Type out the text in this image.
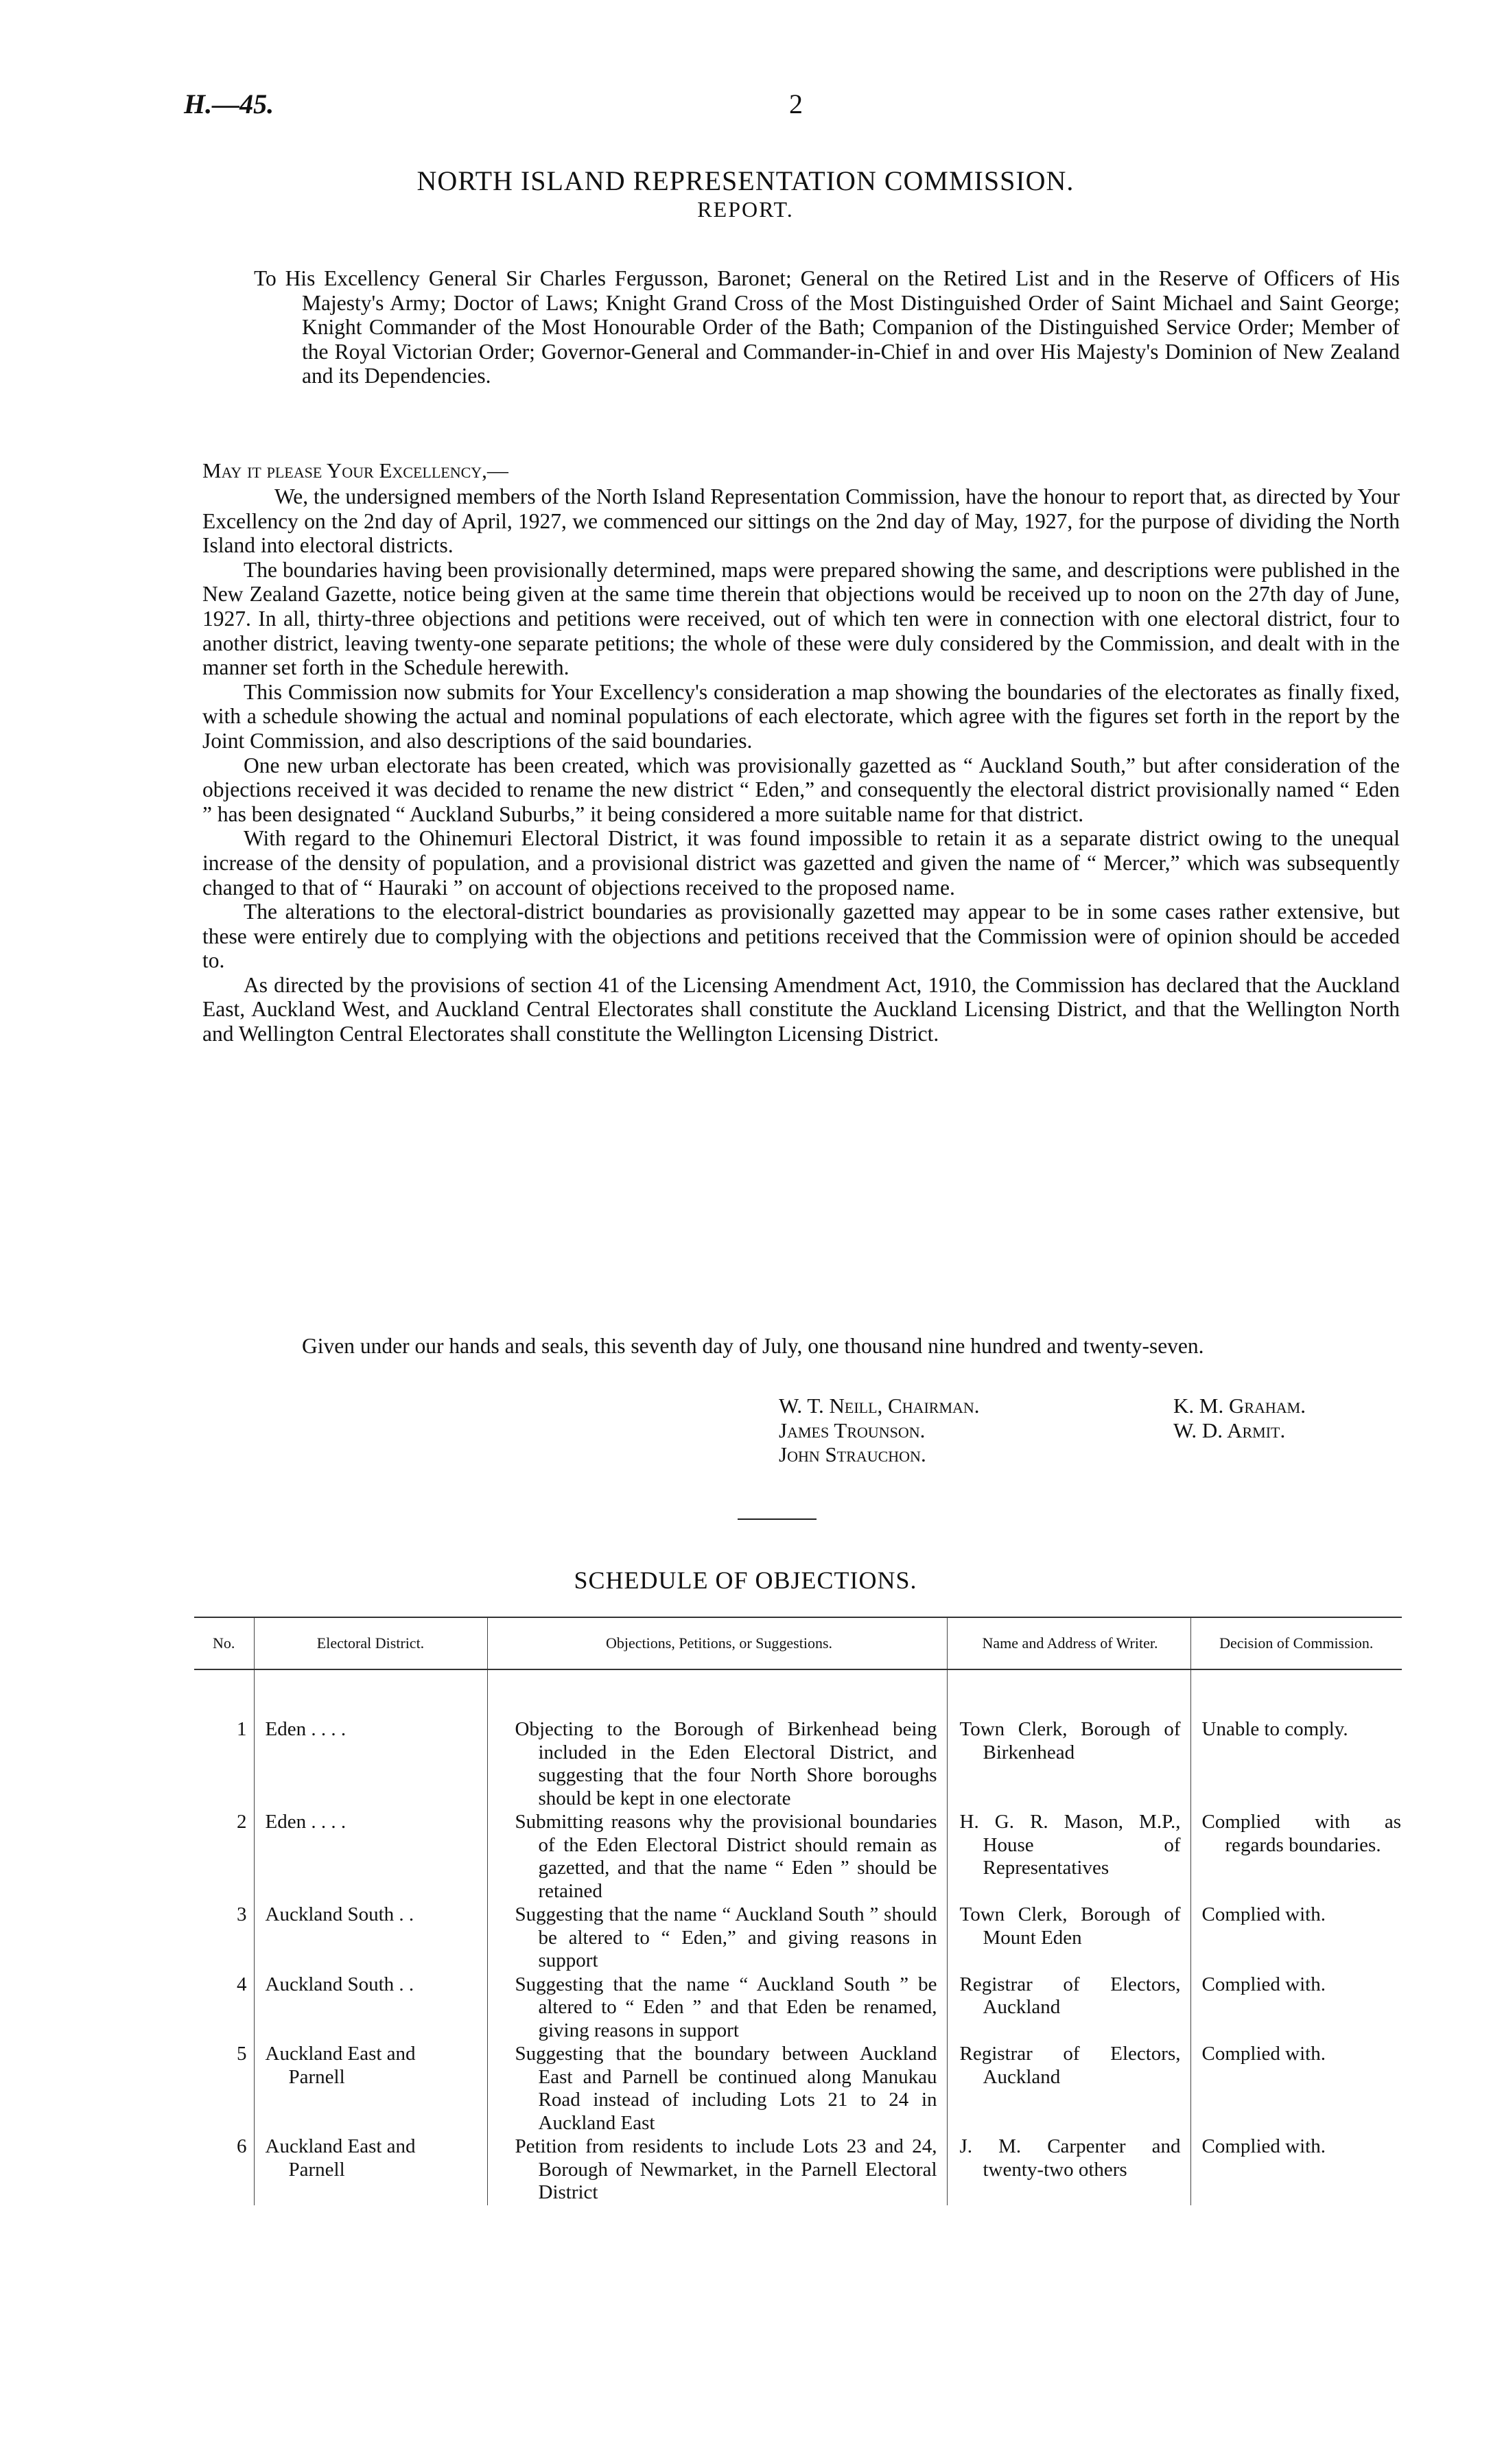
H.—45.	2
NORTH ISLAND REPRESENTATION COMMISSION.
REPORT.
To His Excellency General Sir Charles Fergusson, Baronet; General on the Retired List and in the Reserve of Officers of His Majesty's Army; Doctor of Laws; Knight Grand Cross of the Most Distinguished Order of Saint Michael and Saint George; Knight Commander of the Most Honourable Order of the Bath; Companion of the Distinguished Service Order; Member of the Royal Victorian Order; Governor-General and Commander-in-Chief in and over His Majesty's Dominion of New Zealand and its Dependencies.
May it please Your Excellency,—

We, the undersigned members of the North Island Representation Commission, have the honour to report that, as directed by Your Excellency on the 2nd day of April, 1927, we commenced our sittings on the 2nd day of May, 1927, for the purpose of dividing the North Island into electoral districts.

The boundaries having been provisionally determined, maps were prepared showing the same, and descriptions were published in the New Zealand Gazette, notice being given at the same time therein that objections would be received up to noon on the 27th day of June, 1927. In all, thirty-three objections and petitions were received, out of which ten were in connection with one electoral district, four to another district, leaving twenty-one separate petitions; the whole of these were duly considered by the Commission, and dealt with in the manner set forth in the Schedule herewith.

This Commission now submits for Your Excellency's consideration a map showing the boundaries of the electorates as finally fixed, with a schedule showing the actual and nominal populations of each electorate, which agree with the figures set forth in the report by the Joint Commission, and also descriptions of the said boundaries.

One new urban electorate has been created, which was provisionally gazetted as “ Auckland South,” but after consideration of the objections received it was decided to rename the new district “ Eden,” and consequently the electoral district provisionally named “ Eden ” has been designated “ Auckland Suburbs,” it being considered a more suitable name for that district.

With regard to the Ohinemuri Electoral District, it was found impossible to retain it as a separate district owing to the unequal increase of the density of population, and a provisional district was gazetted and given the name of “ Mercer,” which was subsequently changed to that of “ Hauraki ” on account of objections received to the proposed name.

The alterations to the electoral-district boundaries as provisionally gazetted may appear to be in some cases rather extensive, but these were entirely due to complying with the objections and petitions received that the Commission were of opinion should be acceded to.

As directed by the provisions of section 41 of the Licensing Amendment Act, 1910, the Commission has declared that the Auckland East, Auckland West, and Auckland Central Electorates shall constitute the Auckland Licensing District, and that the Wellington North and Wellington Central Electorates shall constitute the Wellington Licensing District.

Given under our hands and seals, this seventh day of July, one thousand nine hundred and twenty-seven.
W. T. Neill, Chairman.
James Trounson.
John Strauchon.
K. M. Graham.
W. D. Armit.
SCHEDULE OF OBJECTIONS.
No.	Electoral District.	Objections, Petitions, or Suggestions.	Name and Address of Writer.	Decision of Commission.

1	Eden . . . .	Objecting to the Borough of Birkenhead being included in the Eden Electoral District, and suggesting that the four North Shore boroughs should be kept in one electorate	Town Clerk, Borough of Birkenhead	Unable to comply.

2	Eden . . . .	Submitting reasons why the provisional boundaries of the Eden Electoral District should remain as gazetted, and that the name “ Eden ” should be retained	H. G. R. Mason, M.P., House of Representatives	Complied with as regards boundaries.

3	Auckland South . .	Suggesting that the name “ Auckland South ” should be altered to “ Eden,” and giving reasons in support	Town Clerk, Borough of Mount Eden	Complied with.

4	Auckland South . .	Suggesting that the name “ Auckland South ” be altered to “ Eden ” and that Eden be renamed, giving reasons in support	Registrar of Electors, Auckland	Complied with.

5	Auckland East and Parnell	Suggesting that the boundary between Auckland East and Parnell be continued along Manukau Road instead of including Lots 21 to 24 in Auckland East	Registrar of Electors, Auckland	Complied with.

6	Auckland East and Parnell	Petition from residents to include Lots 23 and 24, Borough of Newmarket, in the Parnell Electoral District	J. M. Carpenter and twenty-two others	Complied with.
